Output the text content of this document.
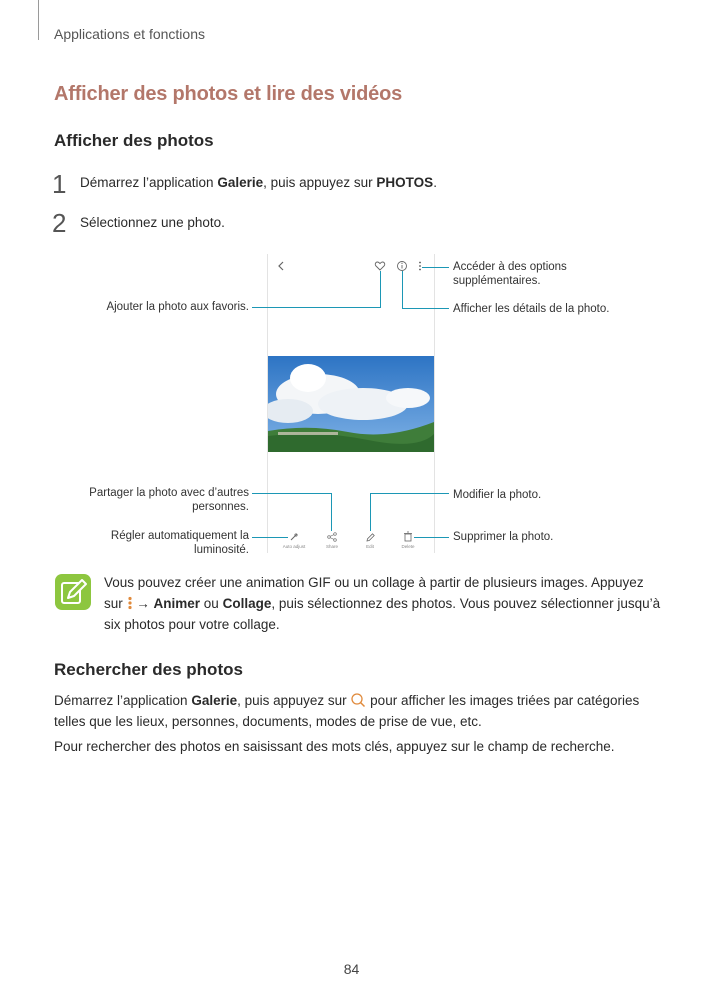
Applications et fonctions
Afficher des photos et lire des vidéos
Afficher des photos
1 Démarrez l’application Galerie, puis appuyez sur PHOTOS.
2 Sélectionnez une photo.
Auto adjust	Share	Edit	Delete
Accéder à des options supplémentaires.
Ajouter la photo aux favoris.	Afficher les détails de la photo.
Partager la photo avec d’autres personnes.
Modifier la photo.
Régler automatiquement la luminosité.
Supprimer la photo.
Vous pouvez créer une animation GIF ou un collage à partir de plusieurs images. Appuyez
sur  → Animer ou Collage, puis sélectionnez des photos. Vous pouvez sélectionner jusqu’à
six photos pour votre collage.
Rechercher des photos
Démarrez l’application Galerie, puis appuyez sur  pour afficher les images triées par catégories
telles que les lieux, personnes, documents, modes de prise de vue, etc.
Pour rechercher des photos en saisissant des mots clés, appuyez sur le champ de recherche.
84
